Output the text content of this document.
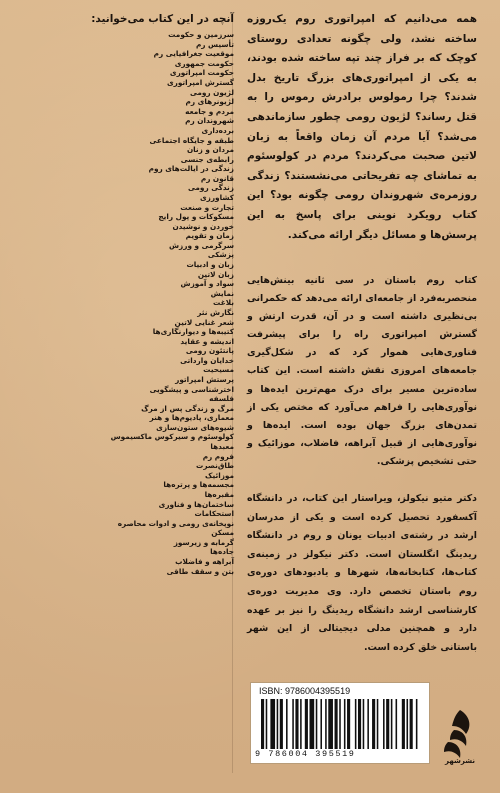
آنچه در این کتاب می‌خوانید:
سرزمین و حکومت
تأسیس رم
موقعیت جغرافیایی رم
حکومت جمهوری
حکومت امپراتوری
گسترش امپراتوری
لژیون رومی
لژیونرهای رم
مردم و جامعه
شهروندان رم
برده‌داری
طبقه و جایگاه اجتماعی
مردان و زنان
رابطه‌ی جنسی
زندگی در ایالت‌های روم
قانون رم
زندگی رومی
کشاورزی
تجارت و صنعت
مسکوکات و پول رایج
خوردن و نوشیدن
زمان و تقویم
سرگرمی و ورزش
پزشکی
زبان و ادبیات
زبان لاتین
سواد و آموزش
نمایش
بلاغت
نگارش نثر
شعر غنایی لاتین
کتیبه‌ها و دیوارنگاری‌ها
اندیشه و عقاید
پانتئون رومی
خدایان وارداتی
مسیحیت
پرستش امپراتور
اخترشناسی و پیشگویی
فلسفه
مرگ و زندگی پس از مرگ
معماری، پادیوم‌ها و هنر
شیوه‌های ستون‌سازی
کولوسئوم و سیرکوس ماکسیموس
معبدها
فروم رم
طاق‌نصرت
موزائیک
مجسمه‌ها و پرتره‌ها
مقبره‌ها
ساختمان‌ها و فناوری
استحکامات
نوپخانه‌ی رومی و ادوات محاصره
مسکن
گرمابه و زیرسوز
جاده‌ها
آبراهه و فاضلاب
بتن و سقف طاقی

همه می‌دانیم که امپراتوری روم یک‌روزه ساخته نشد، ولی چگونه تعدادی روستای کوچک که بر فراز چند تپه ساخته شده بودند، به یکی از امپراتوری‌های بزرگ تاریخ بدل شدند؟ چرا رمولوس برادرش رموس را به قتل رساند؟ لژیون رومی چطور سازماندهی می‌شد؟ آیا مردم آن زمان واقعاً به زبان لاتین صحبت می‌کردند؟ مردم در کولوسئوم به تماشای چه تفریحاتی می‌نشستند؟ زندگی روزمره‌ی شهروندان رومی چگونه بود؟ این کتاب رویکرد نوینی برای پاسخ به این پرسش‌ها و مسائل دیگر ارائه می‌کند.

کتاب روم باستان در سی ثانیه بینش‌هایی منحصربه‌فرد از جامعه‌ای ارائه می‌دهد که حکمرانی بی‌نظیری داشته است و در آن، قدرت ارتش و گسترش امپراتوری راه را برای پیشرفت فناوری‌هایی هموار کرد که در شکل‌گیری جامعه‌های امروزی نقش داشته است. این کتاب ساده‌ترین مسیر برای درک مهم‌ترین ایده‌ها و نوآوری‌هایی را فراهم می‌آورد که مختص یکی از تمدن‌های بزرگ جهان بوده است. ایده‌ها و نوآوری‌هایی از قبیل آبراهه، فاضلاب، موزائیک و حتی تشخیص پزشکی.

دکتر متیو نیکولز، ویراستار این کتاب، در دانشگاه آکسفورد تحصیل کرده است و یکی از مدرسان ارشد در رشته‌ی ادبیات یونان و روم در دانشگاه ریدینگ انگلستان است. دکتر نیکولز در زمینه‌ی کتاب‌ها، کتابخانه‌ها، شهرها و یادبودهای دوره‌ی روم باستان تخصص دارد. وی مدیریت دوره‌ی کارشناسی ارشد دانشگاه ریدینگ را نیز بر عهده دارد و همچنین مدلی دیجیتالی از این شهر باستانی خلق کرده است.

ISBN: 9786004395519
9 786004 395519
نشرشهر
